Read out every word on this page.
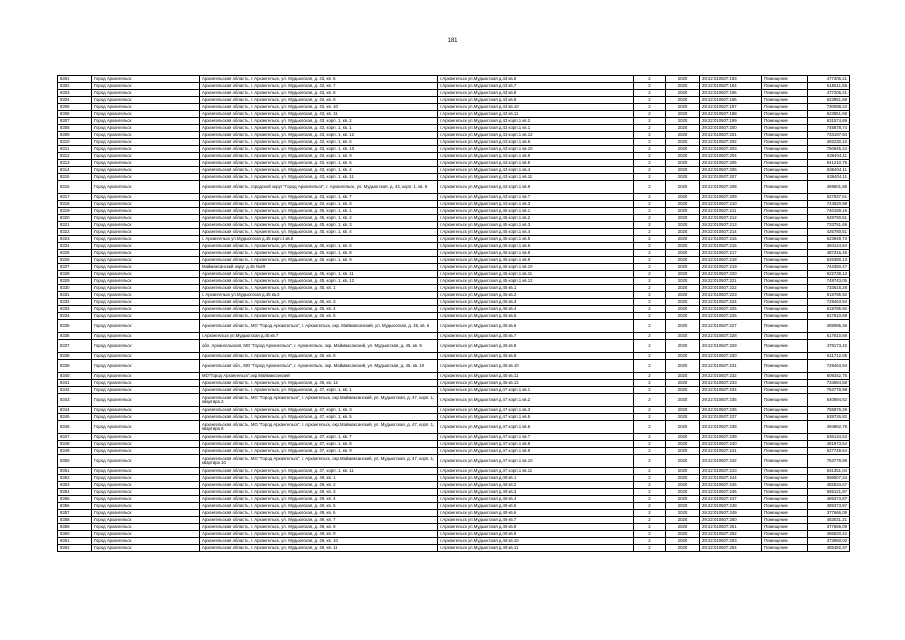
181
8301	Город Архангельск	Архангельская область, г. Архангельск, ул. Мудьюгская, д. 43, кв. 6	г.Архангельск ул.Мудьюгская д.43 кв.6	2	2020	29:22:010507:193	Помещение	477206,21
8302	Город Архангельск	Архангельская область, г. Архангельск, ул. Мудьюгская, д. 43, кв. 7	г.Архангельск ул.Мудьюгская д.43 кв.7	2	2020	29:22:010507:194	Помещение	615611,55
8303	Город Архангельск	Архангельская область, г. Архангельск, ул. Мудьюгская, д. 43, кв. 8	г.Архангельск ул.Мудьюгская д.43 кв.8	2	2020	29:22:010507:195	Помещение	477206,21
8304	Город Архангельск	Архангельская область, г. Архангельск, ул. Мудьюгская, д. 43, кв. 9	г.Архангельск ул.Мудьюгская д.43 кв.9	2	2020	29:22:010507:196	Помещение	623951,68
8305	Город Архангельск	Архангельская область, г. Архангельск, ул. Мудьюгская, д. 43, кв. 10	г.Архангельск ул.Мудьюгская д.43 кв.10	2	2020	29:22:010507:197	Помещение	730088,22
8306	Город Архангельск	Архангельская область, г. Архангельск, ул. Мудьюгская, д. 43, кв. 11	г.Архангельск ул.Мудьюгская д.43 кв.11	2	2020	29:22:010507:198	Помещение	623951,68
8307	Город Архангельск	Архангельская область, г. Архангельск, ул. Мудьюгская, д. 43, корп. 1, кв. 2	г.Архангельск ул.Мудьюгская д.43 корп.1 кв.2	2	2020	29:22:010507:199	Помещение	631574,69
8308	Город Архангельск	Архангельская область, г. Архангельск, ул. Мудьюгская, д. 43, корп. 1, кв. 1	г.Архангельск ул.Мудьюгская д.43 корп.1 кв.1	2	2020	29:22:010507:200	Помещение	745878,74
8309	Город Архангельск	Архангельская область, г. Архангельск, ул. Мудьюгская, д. 43, корп. 1, кв. 12	г.Архангельск ул.Мудьюгская д.43 корп.1 кв.12	2	2020	29:22:010507:201	Помещение	733197,94
8310	Город Архангельск	Архангельская область, г. Архангельск, ул. Мудьюгская, д. 43, корп. 1, кв. 6	г.Архангельск ул.Мудьюгская д.43 корп.1 кв.6	2	2020	29:22:010507:202	Помещение	492230,10
8311	Город Архангельск	Архангельская область, г. Архангельск, ул. Мудьюгская, д. 43, корп. 1, кв. 10	г.Архангельск ул.Мудьюгская д.43 корп.1 кв.10	2	2020	29:22:010507:203	Помещение	750946,22
8312	Город Архангельск	Архангельская область, г. Архангельск, ул. Мудьюгская, д. 43, корп. 1, кв. 9	г.Архангельск ул.Мудьюгская д.43 корп.1 кв.9	2	2020	29:22:010507:204	Помещение	636404,11
8313	Город Архангельск	Архангельская область, г. Архангельск, ул. Мудьюгская, д. 43, корп. 1, кв. 5	г.Архангельск ул.Мудьюгская д.43 корп.1 кв.5	2	2020	29:22:010507:205	Помещение	641210,75
8314	Город Архангельск	Архангельская область, г. Архангельск, ул. Мудьюгская, д. 43, корп. 1, кв. 4	г.Архангельск ул.Мудьюгская д.43 корп.1 кв.4	2	2020	29:22:010507:206	Помещение	636404,11
8315	Город Архангельск	Архангельская область, г. Архангельск, ул. Мудьюгская, д. 43, корп. 1, кв. 11	г.Архангельск ул.Мудьюгская д.43 корп.1 кв.11	2	2020	29:22:010507:207	Помещение	636404,11
8316	Город Архангельск	Архангельская область, городской округ "Город Архангельск", г. Архангельск, ул. Мудьюгская, д. 43, корп. 1, кв. 8	г.Архангельск ул.Мудьюгская д.43 корп.1 кв.8	2	2020	29:22:010507:208	Помещение	469601,85
8317	Город Архангельск	Архангельская область, г. Архангельск, ул. Мудьюгская, д. 43, корп. 1, кв. 7	г.Архангельск ул.Мудьюгская д.43 корп.1 кв.7	2	2020	29:22:010507:209	Помещение	627937,61
8318	Город Архангельск	Архангельская область, г. Архангельск, ул. Мудьюгская, д. 43, корп. 1, кв. 3	г.Архангельск ул.Мудьюгская д.43 корп.1 кв.3	2	2020	29:22:010507:210	Помещение	744520,98
8319	Город Архангельск	Архангельская область, г. Архангельск, ул. Мудьюгская, д. 45, корп. 1, кв. 1	г.Архангельск ул.Мудьюгская д.45 корп.1 кв.1	2	2020	29:22:010507:211	Помещение	740169,16
8320	Город Архангельск	Архангельская область, г. Архангельск, ул. Мудьюгская, д. 45, корп. 1, кв. 2	г.Архангельск ул.Мудьюгская д.45 корп.1 кв.2	2	2020	29:22:010507:212	Помещение	628780,51
8321	Город Архангельск	Архангельская область, г. Архангельск, ул. Мудьюгская, д. 45, корп. 1, кв. 3	г.Архангельск ул.Мудьюгская д.45 корп.1 кв.3	2	2020	29:22:010507:213	Помещение	733751,69
8322	Город Архангельск	Архангельская область, г. Архангельск, ул. Мудьюгская, д. 45, корп. 1, кв. 4	г.Архангельск ул.Мудьюгская д.45 корп.1 кв.4	2	2020	29:22:010507:214	Помещение	426780,51
8323	Город Архангельск	г. Архангельск ул.Мудьюгская д.45 корп.1 кв.5	г.Архангельск ул.Мудьюгская д.45 корп.1 кв.5	2	2020	29:22:010507:215	Помещение	623949,73
8324	Город Архангельск	Архангельская область, г. Архангельск, ул. Мудьюгская, д. 45, корп. 1, кв. 6	г.Архангельск ул.Мудьюгская д.45 корп.1 кв.6	2	2020	29:22:010507:216	Помещение	494144,84
8325	Город Архангельск	Архангельская область, г. Архангельск, ул. Мудьюгская, д. 45, корп. 1, кв. 8	г.Архангельск ул.Мудьюгская д.45 корп.1 кв.8	2	2020	29:22:010507:217	Помещение	487316,45
8326	Город Архангельск	Архангельская область, г. Архангельск, ул. Мудьюгская, д. 45, корп. 1, кв. 9	г.Архангельск ул.Мудьюгская д.45 корп.1 кв.9	2	2020	29:22:010507:218	Помещение	626380,13
8327	Город Архангельск	Маймаксанский округ д.45 №29	г.Архангельск ул.Мудьюгская д.45 корп.1 кв.10	2	2020	29:22:010507:219	Помещение	742350,47
8328	Город Архангельск	Архангельская область, г. Архангельск, ул. Мудьюгская, д. 45, корп. 1, кв. 11	г.Архангельск ул.Мудьюгская д.45 корп.1 кв.11	2	2020	29:22:010507:220	Помещение	622738,13
8329	Город Архангельск	Архангельская область, г. Архангельск, ул. Мудьюгская, д. 45, корп. 1, кв. 12	г.Архангельск ул.Мудьюгская д.45 корп.1 кв.12	2	2020	29:22:010507:221	Помещение	749743,05
8330	Город Архангельск	Архангельская область, г. Архангельск, ул. Мудьюгская, д. 45, кв. 1	г.Архангельск ул.Мудьюгская д.45 кв.1	2	2020	29:22:010507:222	Помещение	733616,28
8331	Город Архангельск	г. Архангельск ул.Мудьюгская д.45 кв.2	г.Архангельск ул.Мудьюгская д.45 кв.2	2	2020	29:22:010507:223	Помещение	618785,92
8332	Город Архангельск	Архангельская область, г. Архангельск, ул. Мудьюгская, д. 45, кв. 3	г.Архангельск ул.Мудьюгская д.45 кв.3	2	2020	29:22:010507:224	Помещение	729463,94
8333	Город Архангельск	Архангельская область, г. Архангельск, ул. Мудьюгская, д. 45, кв. 4	г.Архангельск ул.Мудьюгская д.45 кв.4	2	2020	29:22:010507:225	Помещение	619785,92
8334	Город Архангельск	Архангельская область, г. Архангельск, ул. Мудьюгская, д. 45, кв. 5	г.Архангельск ул.Мудьюгская д.45 кв.5	2	2020	29:22:010507:226	Помещение	617610,69
8335	Город Архангельск	Архангельская область, МО "Город Архангельск", г. Архангельск, окр. Маймаксанский, ул. Мудьюгская, д. 45, кв. 6	г.Архангельск ул.Мудьюгская д.45 кв.6	2	2020	29:22:010507:227	Помещение	489085,36
8336	Город Архангельск	г.Архангельск ул.Мудьюгская д.45 кв.7	г.Архангельск ул.Мудьюгская д.45 кв.7	2	2020	29:22:010507:228	Помещение	617610,69
8337	Город Архангельск	обл. Архангельская, МО "Город Архангельск", г. Архангельск, окр. Маймаксанский, ул. Мудьюгская, д. 45, кв. 8	г.Архангельск ул.Мудьюгская д.45 кв.8	2	2020	29:22:010507:229	Помещение	478173,42
8338	Город Архангельск	Архангельская область, г. Архангельск, ул. Мудьюгская, д. 45, кв. 9	г.Архангельск ул.Мудьюгская д.45 кв.9	2	2020	29:22:010507:230	Помещение	611712,05
8339	Город Архангельск	Архангельская обл., МО "Город Архангельск", г. Архангельск, окр. Маймаксанский, ул. Мудьюгская, д. 45, кв. 10	г.Архангельск ул.Мудьюгская д.45 кв.10	2	2020	29:22:010507:231	Помещение	729463,94
8340	Город Архангельск	МО"Город Архангельск",окр.Маймаксанский	г.Архангельск ул.Мудьюгская д.45 кв.11	2	2020	29:22:010507:232	Помещение	609342,75
8341	Город Архангельск	Архангельская область, г. Архангельск, ул. Мудьюгская, д. 45, кв. 12	г.Архангельск ул.Мудьюгская д.45 кв.12	2	2020	29:22:010507:233	Помещение	733684,58
8342	Город Архангельск	Архангельская область, г. Архангельск, ул. Мудьюгская, д. 47, корп. 1, кв. 1	г.Архангельск ул.Мудьюгская д.47 корп.1 кв.1	2	2020	29:22:010507:234	Помещение	753778,98
8343	Город Архангельск	Архангельская область, МО "Город Архангельск", г. Архангельск, окр.Маймаксанский, ул. Мудьюгская, д. 47, корп. 1, квартира 2	г.Архангельск ул.Мудьюгская д.47 корп.1 кв.2	2	2020	29:22:010507:235	Помещение	640894,62
8344	Город Архангельск	Архангельская область, г. Архангельск, ул. Мудьюгская, д. 47, корп. 1, кв. 3	г.Архангельск ул.Мудьюгская д.47 корп.1 кв.3	2	2020	29:22:010507:236	Помещение	755876,29
8345	Город Архангельск	Архангельская область, г. Архангельск, ул. Мудьюгская, д. 47, корп. 1, кв. 5	г.Архангельск ул.Мудьюгская д.47 корп.1 кв.5	2	2020	29:22:010507:237	Помещение	639726,82
8346	Город Архангельск	Архангельская область, МО "Город Архангельск", г. Архангельск, окр.Маймаксанский, ул. Мудьюгская, д. 47, корп. 1, квартира 6	г.Архангельск ул.Мудьюгская д.47 корп.1 кв.6	2	2020	29:22:010507:238	Помещение	494862,76
8347	Город Архангельск	Архангельская область, г. Архангельск, ул. Мудьюгская, д. 47, корп. 1, кв. 7	г.Архангельск ул.Мудьюгская д.47 корп.1 кв.7	2	2020	29:22:010507:239	Помещение	636134,53
8348	Город Архангельск	Архангельская область, г. Архангельск, ул. Мудьюгская, д. 47, корп. 1, кв. 8	г.Архангельск ул.Мудьюгская д.47 корп.1 кв.8	2	2020	29:22:010507:240	Помещение	481973,54
8349	Город Архангельск	Архангельская область, г. Архангельск, ул. Мудьюгская, д. 47, корп. 1, кв. 9	г.Архангельск ул.Мудьюгская д.47 корп.1 кв.9	2	2020	29:22:010507:241	Помещение	627748,54
8350	Город Архангельск	Архангельская область, МО "Город Архангельск", г. Архангельск, окр.Маймаксанский, ул. Мудьюгская, д. 47, корп. 1, квартира 10	г.Архангельск ул.Мудьюгская д.47 корп.1 кв.10	2	2020	29:22:010507:242	Помещение	753778,98
8351	Город Архангельск	Архангельская область, г. Архангельск, ул. Мудьюгская, д. 47, корп. 1, кв. 11	г.Архангельск ул.Мудьюгская д.47 корп.1 кв.11	2	2020	29:22:010507:243	Помещение	631351,04
8352	Город Архангельск	Архангельская область, г. Архангельск, ул. Мудьюгская, д. 49, кв. 1	г.Архангельск ул.Мудьюгская д.49 кв.1	2	2020	29:22:010507:244	Помещение	556507,34
8353	Город Архангельск	Архангельская область, г. Архангельск, ул. Мудьюгская, д. 49, кв. 2	г.Архангельск ул.Мудьюгская д.49 кв.2	2	2020	29:22:010507:245	Помещение	482534,67
8354	Город Архангельск	Архангельская область, г. Архангельск, ул. Мудьюгская, д. 49, кв. 3	г.Архангельск ул.Мудьюгская д.49 кв.3	2	2020	29:22:010507:246	Помещение	565121,97
8355	Город Архангельск	Архангельская область, г. Архангельск, ул. Мудьюгская, д. 49, кв. 4	г.Архангельск ул.Мудьюгская д.49 кв.4	2	2020	29:22:010507:247	Помещение	485373,87
8356	Город Архангельск	Архангельская область, г. Архангельск, ул. Мудьюгская, д. 49, кв. 5	г.Архангельск ул.Мудьюгская д.49 кв.5	2	2020	29:22:010507:248	Помещение	485373,87
8357	Город Архангельск	Архангельская область, г. Архангельск, ул. Мудьюгская, д. 49, кв. 6	г.Архангельск ул.Мудьюгская д.49 кв.6	2	2020	29:22:010507:249	Помещение	377666,09
8358	Город Архангельск	Архангельская область, г. Архангельск, ул. Мудьюгская, д. 49, кв. 7	г.Архангельск ул.Мудьюгская д.49 кв.7	2	2020	29:22:010507:250	Помещение	483031,21
8359	Город Архангельск	Архангельская область, г. Архангельск, ул. Мудьюгская, д. 49, кв. 8	г.Архангельск ул.Мудьюгская д.49 кв.8	2	2020	29:22:010507:251	Помещение	377666,09
8360	Город Архангельск	Архангельская область, г. Архангельск, ул. Мудьюгская, д. 49, кв. 9	г.Архангельск ул.Мудьюгская д.49 кв.9	2	2020	29:22:010507:252	Помещение	486620,42
8361	Город Архангельск	Архангельская область, г. Архангельск, ул. Мудьюгская, д. 49, кв. 10	г.Архангельск ул.Мудьюгская д.49 кв.10	2	2020	29:22:010507:253	Помещение	373950,02
8362	Город Архангельск	Архангельская область, г. Архангельск, ул. Мудьюгская, д. 49, кв. 11	г.Архангельск ул.Мудьюгская д.49 кв.11	2	2020	29:22:010507:254	Помещение	485482,37
